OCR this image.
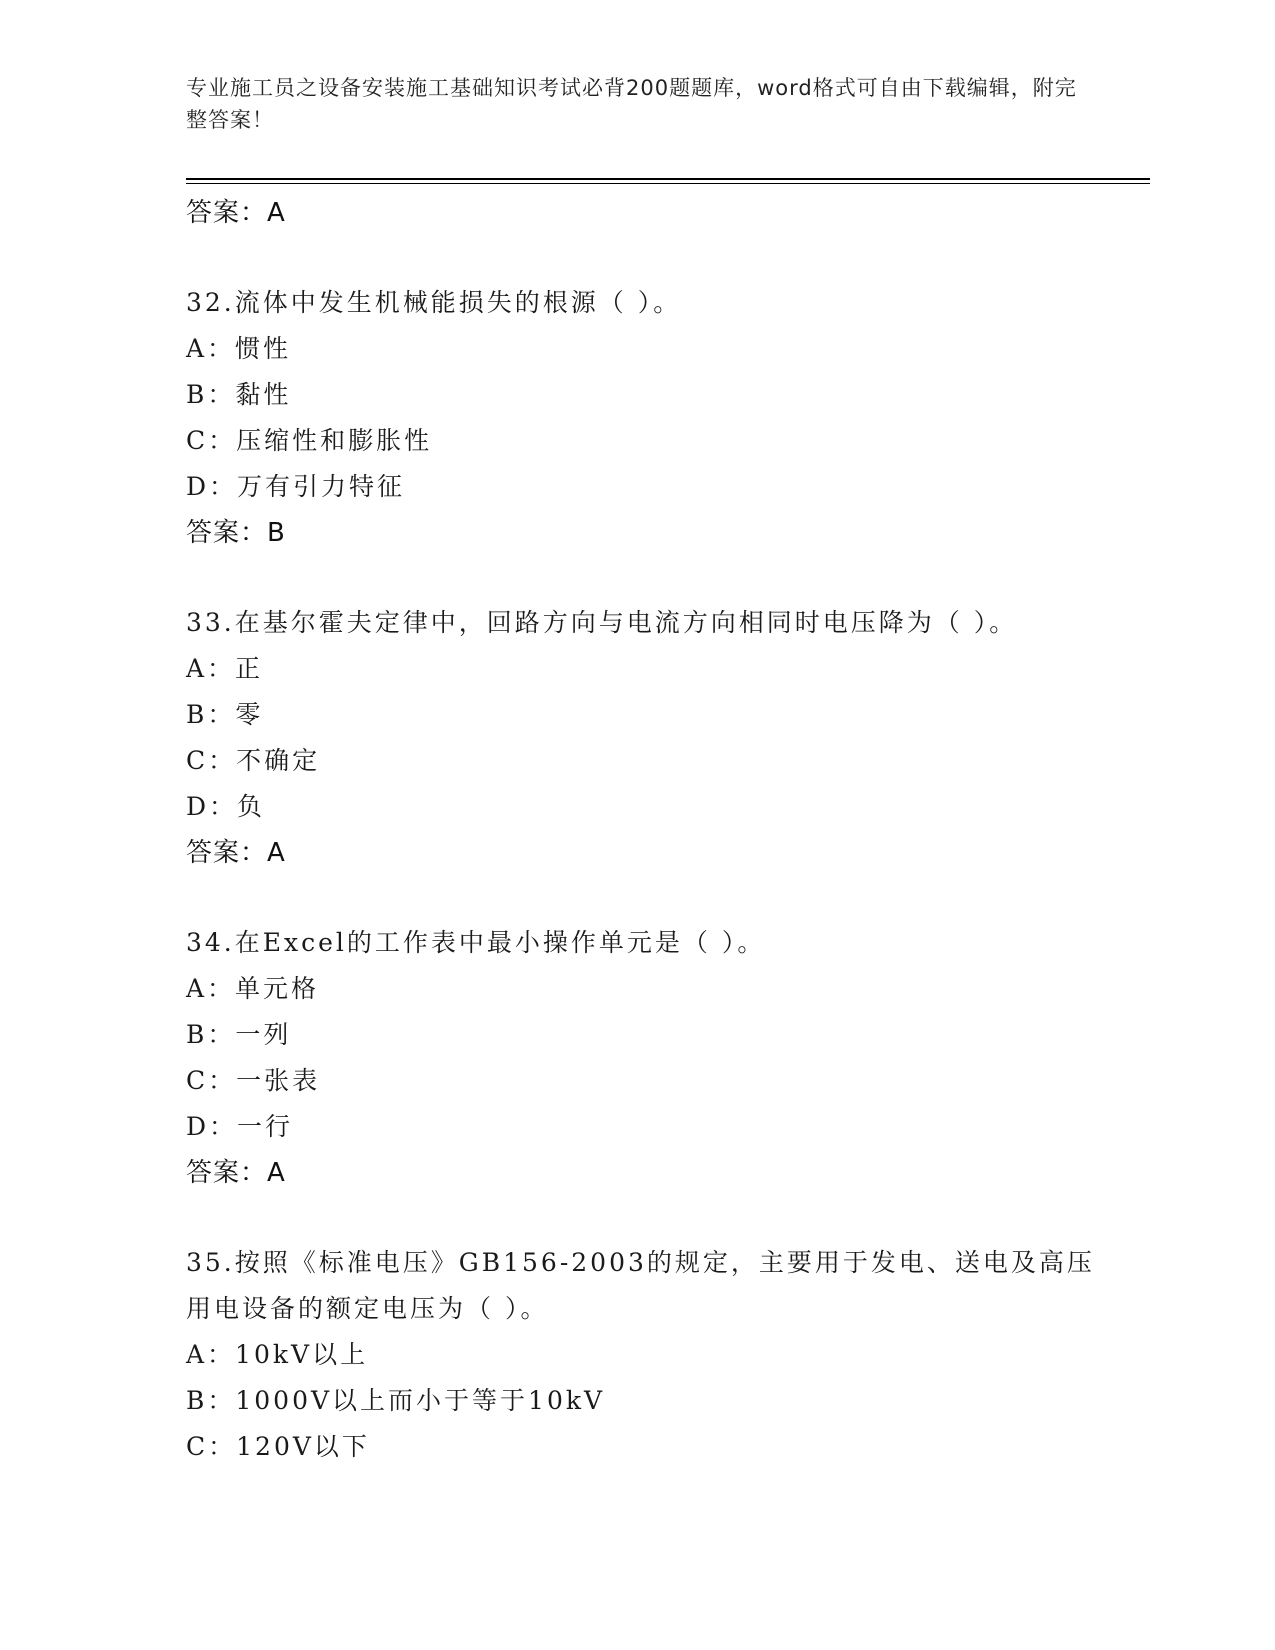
专业施工员之设备安装施工基础知识考试必背200题题库，word格式可自由下载编辑，附完整答案！
答案：A
32.流体中发生机械能损失的根源（ ）。
A：惯性
B：黏性
C：压缩性和膨胀性
D：万有引力特征
答案：B
33.在基尔霍夫定律中，回路方向与电流方向相同时电压降为（ ）。
A：正
B：零
C：不确定
D：负
答案：A
34.在Excel的工作表中最小操作单元是（ ）。
A：单元格
B：一列
C：一张表
D：一行
答案：A
35.按照《标准电压》GB156-2003的规定，主要用于发电、送电及高压
用电设备的额定电压为（ ）。
A：10kV以上
B：1000V以上而小于等于10kV
C：120V以下
